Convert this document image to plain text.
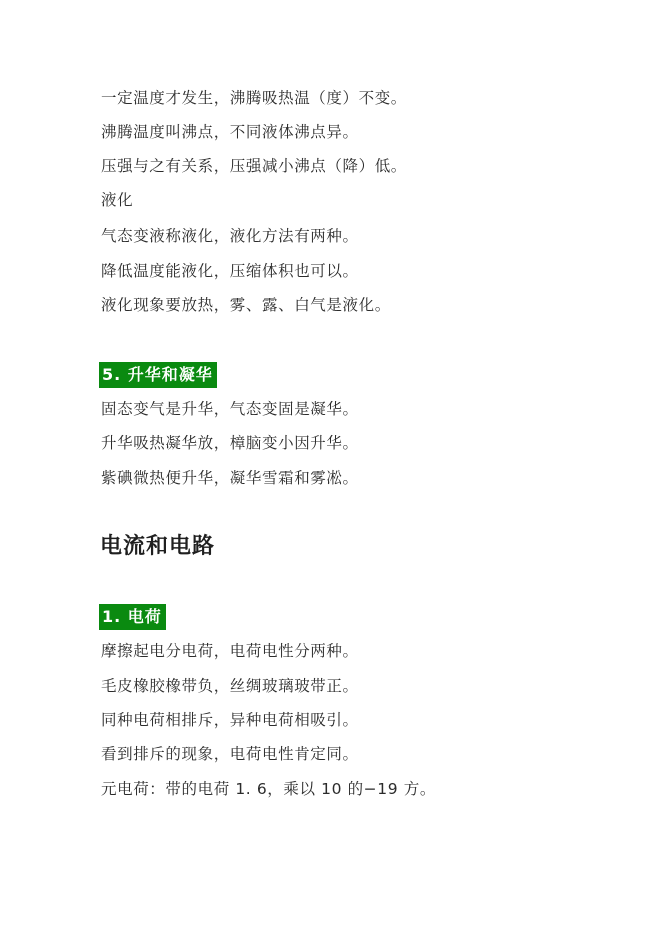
一定温度才发生，沸腾吸热温（度）不变。
沸腾温度叫沸点，不同液体沸点异。
压强与之有关系，压强减小沸点（降）低。
液化
气态变液称液化，液化方法有两种。
降低温度能液化，压缩体积也可以。
液化现象要放热，雾、露、白气是液化。
5. 升华和凝华
固态变气是升华，气态变固是凝华。
升华吸热凝华放，樟脑变小因升华。
紫碘微热便升华，凝华雪霜和雾凇。
电流和电路
1. 电荷
摩擦起电分电荷，电荷电性分两种。
毛皮橡胶橡带负，丝绸玻璃玻带正。
同种电荷相排斥，异种电荷相吸引。
看到排斥的现象，电荷电性肯定同。
元电荷：带的电荷 1. 6，乘以 10 的−19 方。
